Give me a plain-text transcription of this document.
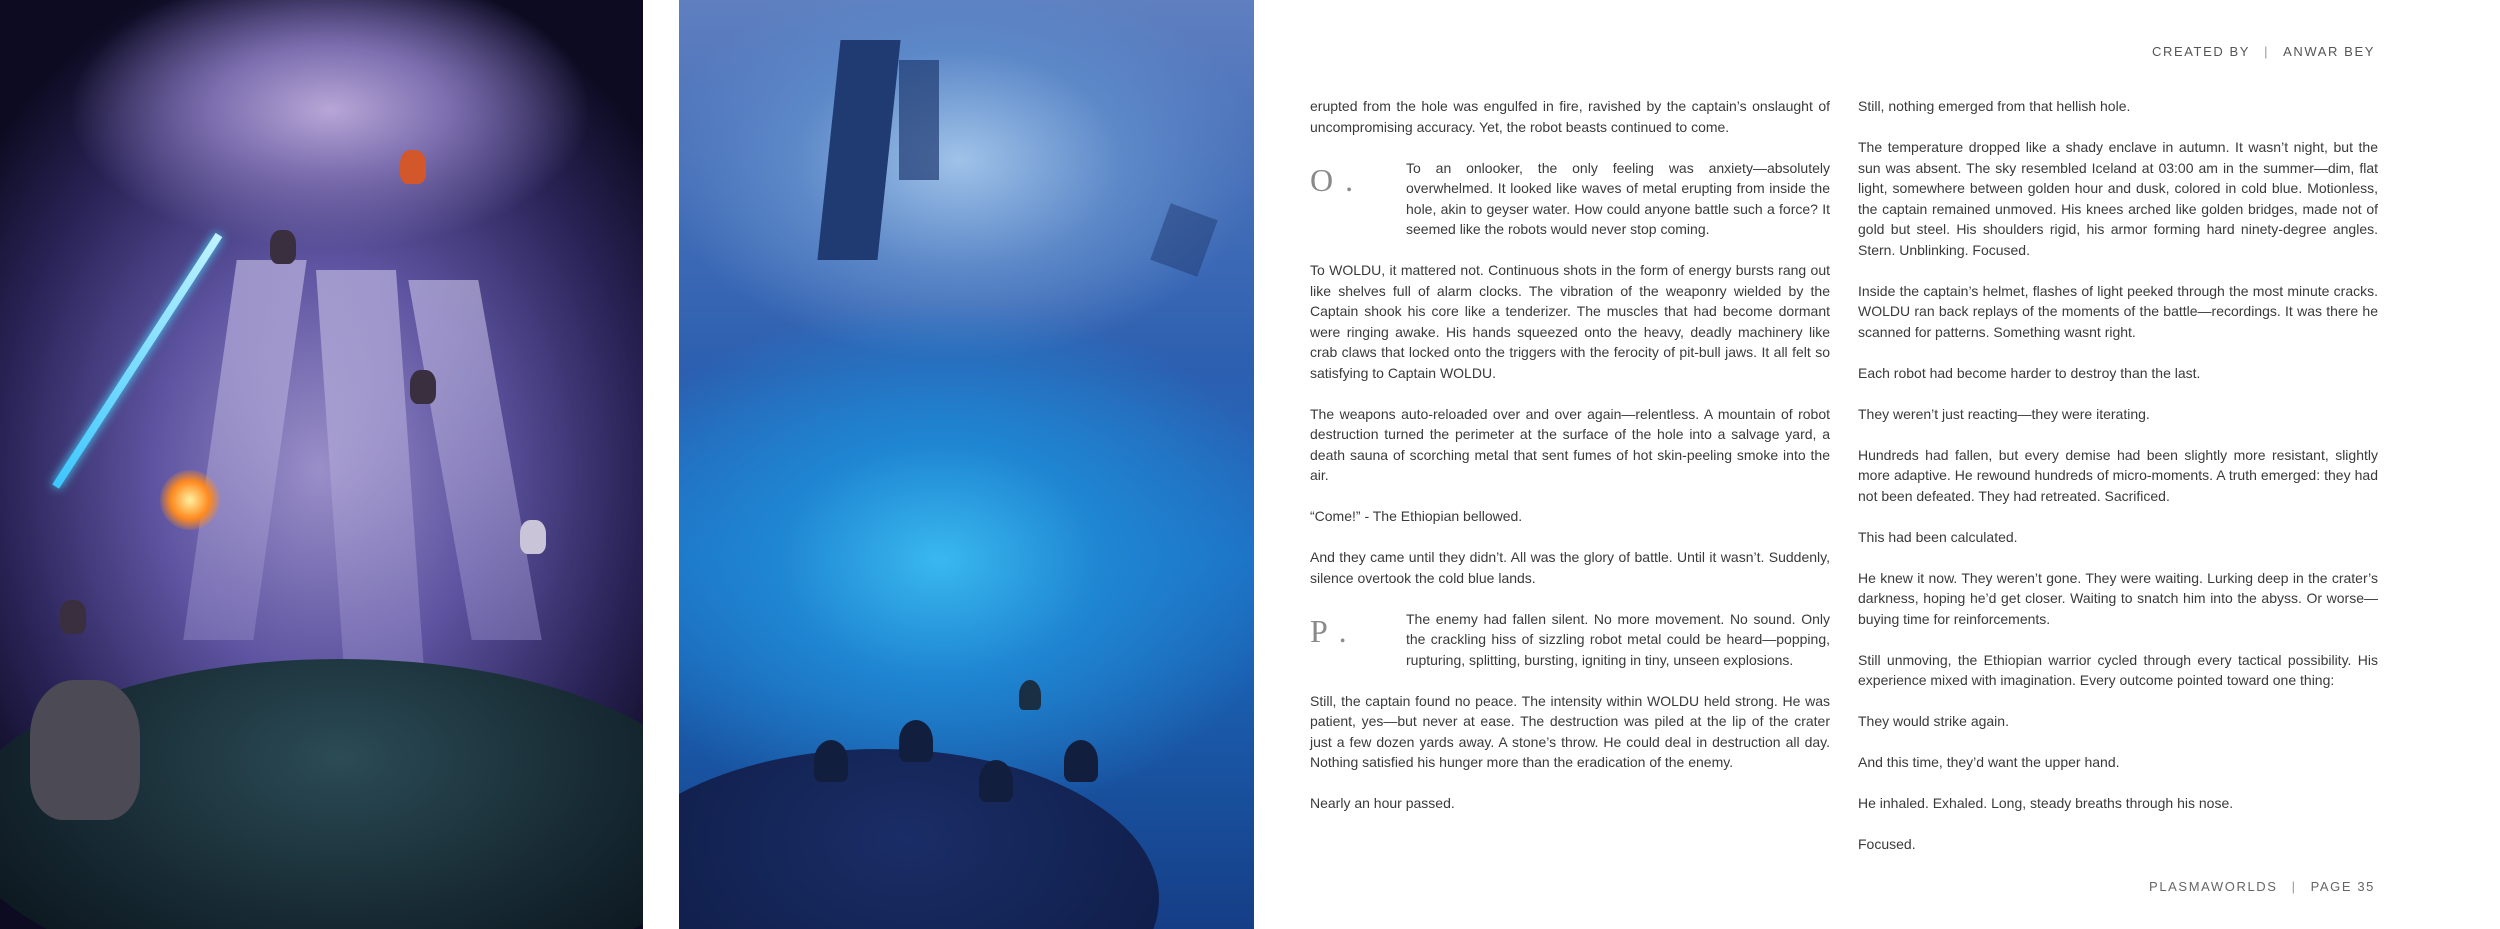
CREATED BY | ANWAR BEY

erupted from the hole was engulfed in fire, ravished by the captain’s onslaught of uncompromising accuracy. Yet, the robot beasts continued to come.

O .	To an onlooker, the only feeling was anxiety—absolutely overwhelmed. It looked like waves of metal erupting from inside the hole, akin to geyser water. How could anyone battle such a force? It seemed like the robots would never stop coming.

To WOLDU, it mattered not. Continuous shots in the form of energy bursts rang out like shelves full of alarm clocks. The vibration of the weaponry wielded by the Captain shook his core like a tenderizer. The muscles that had become dormant were ringing awake. His hands squeezed onto the heavy, deadly machinery like crab claws that locked onto the triggers with the ferocity of pit-bull jaws. It all felt so satisfying to Captain WOLDU.

The weapons auto-reloaded over and over again—relentless. A mountain of robot destruction turned the perimeter at the surface of the hole into a salvage yard, a death sauna of scorching metal that sent fumes of hot skin-peeling smoke into the air.

“Come!” - The Ethiopian bellowed.

And they came until they didn’t. All was the glory of battle. Until it wasn’t. Suddenly, silence overtook the cold blue lands.

P .	The enemy had fallen silent. No more movement. No sound. Only the crackling hiss of sizzling robot metal could be heard—popping, rupturing, splitting, bursting, igniting in tiny, unseen explosions.

Still, the captain found no peace. The intensity within WOLDU held strong. He was patient, yes—but never at ease. The destruction was piled at the lip of the crater just a few dozen yards away. A stone’s throw. He could deal in destruction all day. Nothing satisfied his hunger more than the eradication of the enemy.

Nearly an hour passed.

Still, nothing emerged from that hellish hole.

The temperature dropped like a shady enclave in autumn. It wasn’t night, but the sun was absent. The sky resembled Iceland at 03:00 am in the summer—dim, flat light, somewhere between golden hour and dusk, colored in cold blue. Motionless, the captain remained unmoved. His knees arched like golden bridges, made not of gold but steel. His shoulders rigid, his armor forming hard ninety-degree angles. Stern. Unblinking. Focused.

Inside the captain’s helmet, flashes of light peeked through the most minute cracks. WOLDU ran back replays of the moments of the battle—recordings. It was there he scanned for patterns. Something wasnt right.

Each robot had become harder to destroy than the last.

They weren’t just reacting—they were iterating.

Hundreds had fallen, but every demise had been slightly more resistant, slightly more adaptive. He rewound hundreds of micro-moments. A truth emerged: they had not been defeated. They had retreated. Sacrificed.

This had been calculated.

He knew it now. They weren’t gone. They were waiting. Lurking deep in the crater’s darkness, hoping he’d get closer. Waiting to snatch him into the abyss. Or worse—buying time for reinforcements.

Still unmoving, the Ethiopian warrior cycled through every tactical possibility. His experience mixed with imagination. Every outcome pointed toward one thing:

They would strike again.

And this time, they’d want the upper hand.

He inhaled. Exhaled. Long, steady breaths through his nose.

Focused.

PLASMAWORLDS | PAGE 35
